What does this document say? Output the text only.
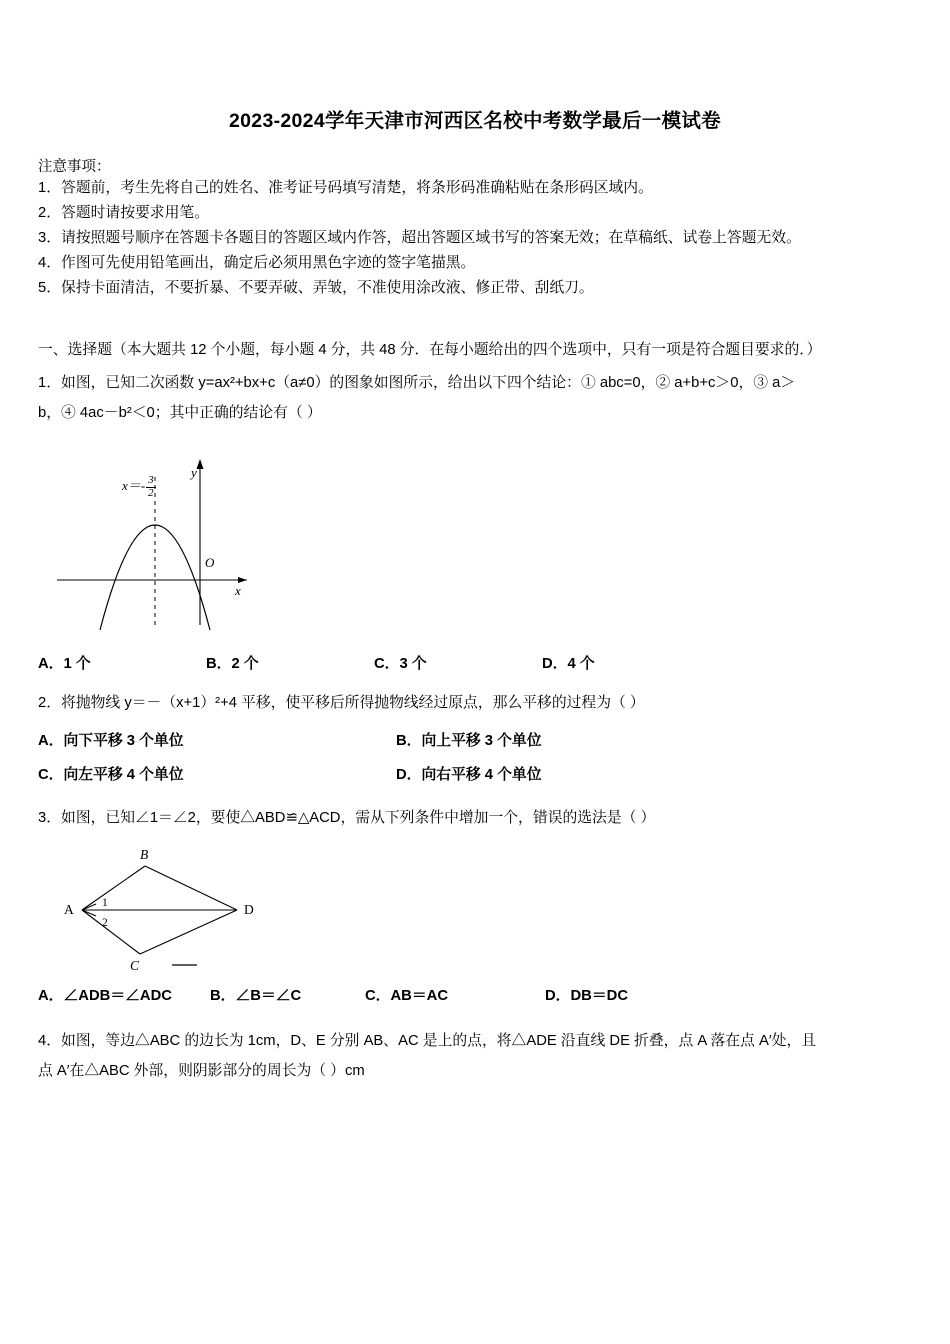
2023-2024学年天津市河西区名校中考数学最后一模试卷
注意事项：
1．答题前，考生先将自己的姓名、准考证号码填写清楚，将条形码准确粘贴在条形码区域内。
2．答题时请按要求用笔。
3．请按照题号顺序在答题卡各题目的答题区域内作答，超出答题区域书写的答案无效；在草稿纸、试卷上答题无效。
4．作图可先使用铅笔画出，确定后必须用黑色字迹的签字笔描黑。
5．保持卡面清洁，不要折暴、不要弄破、弄皱，不准使用涂改液、修正带、刮纸刀。
一、选择题（本大题共 12 个小题，每小题 4 分，共 48 分．在每小题给出的四个选项中，只有一项是符合题目要求的．）
1．如图，已知二次函数 y=ax²+bx+c（a≠0）的图象如图所示，给出以下四个结论：① abc=0，② a+b+c＞0，③ a＞
b，④ 4ac－b²＜0；其中正确的结论有（ ）
O
x
y
$x=- \frac{3}{2}$
A．1 个	B．2 个	C．3 个	D．4 个
2．将抛物线 y＝－（x+1）²+4 平移，使平移后所得抛物线经过原点，那么平移的过程为（ ）
A．向下平移 3 个单位	B．向上平移 3 个单位
C．向左平移 4 个单位	D．向右平移 4 个单位
3．如图，已知∠1＝∠2，要使△ABD≌△ACD，需从下列条件中增加一个，错误的选法是（ ）
A
B
C
D
1
2
A．∠ADB＝∠ADC	B．∠B＝∠C	C．AB＝AC	D．DB＝DC
4．如图，等边△ABC 的边长为 1cm，D、E 分别 AB、AC 是上的点，将△ADE 沿直线 DE 折叠，点 A 落在点 A′处，且
点 A′在△ABC 外部，则阴影部分的周长为（ ）cm
